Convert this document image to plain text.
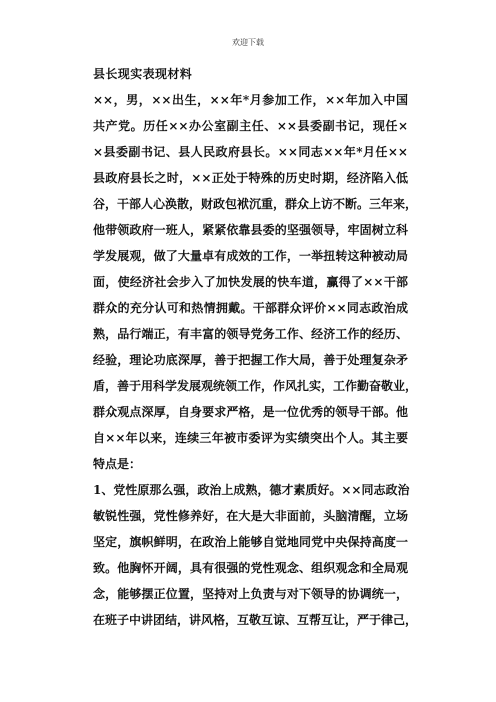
欢迎下载
县长现实表现材料
××，男，××出生，××年*月参加工作，××年加入中国
共产党。历任××办公室副主任、××县委副书记，现任×
×县委副书记、县人民政府县长。××同志××年*月任××
县政府县长之时，××正处于特殊的历史时期，经济陷入低
谷，干部人心涣散，财政包袱沉重，群众上访不断。三年来，
他带领政府一班人，紧紧依靠县委的坚强领导，牢固树立科
学发展观，做了大量卓有成效的工作，一举扭转这种被动局
面，使经济社会步入了加快发展的快车道，赢得了××干部
群众的充分认可和热情拥戴。干部群众评价××同志政治成
熟，品行端正，有丰富的领导党务工作、经济工作的经历、
经验，理论功底深厚，善于把握工作大局，善于处理复杂矛
盾，善于用科学发展观统领工作，作风扎实，工作勤奋敬业，
群众观点深厚，自身要求严格，是一位优秀的领导干部。他
自××年以来，连续三年被市委评为实绩突出个人。其主要
特点是：
1、党性原那么强，政治上成熟，德才素质好。××同志政治
敏锐性强，党性修养好，在大是大非面前，头脑清醒，立场
坚定，旗帜鲜明，在政治上能够自觉地同党中央保持高度一
致。他胸怀开阔，具有很强的党性观念、组织观念和全局观
念，能够摆正位置，坚持对上负责与对下领导的协调统一，
在班子中讲团结，讲风格，互敬互谅、互帮互让，严于律己，
